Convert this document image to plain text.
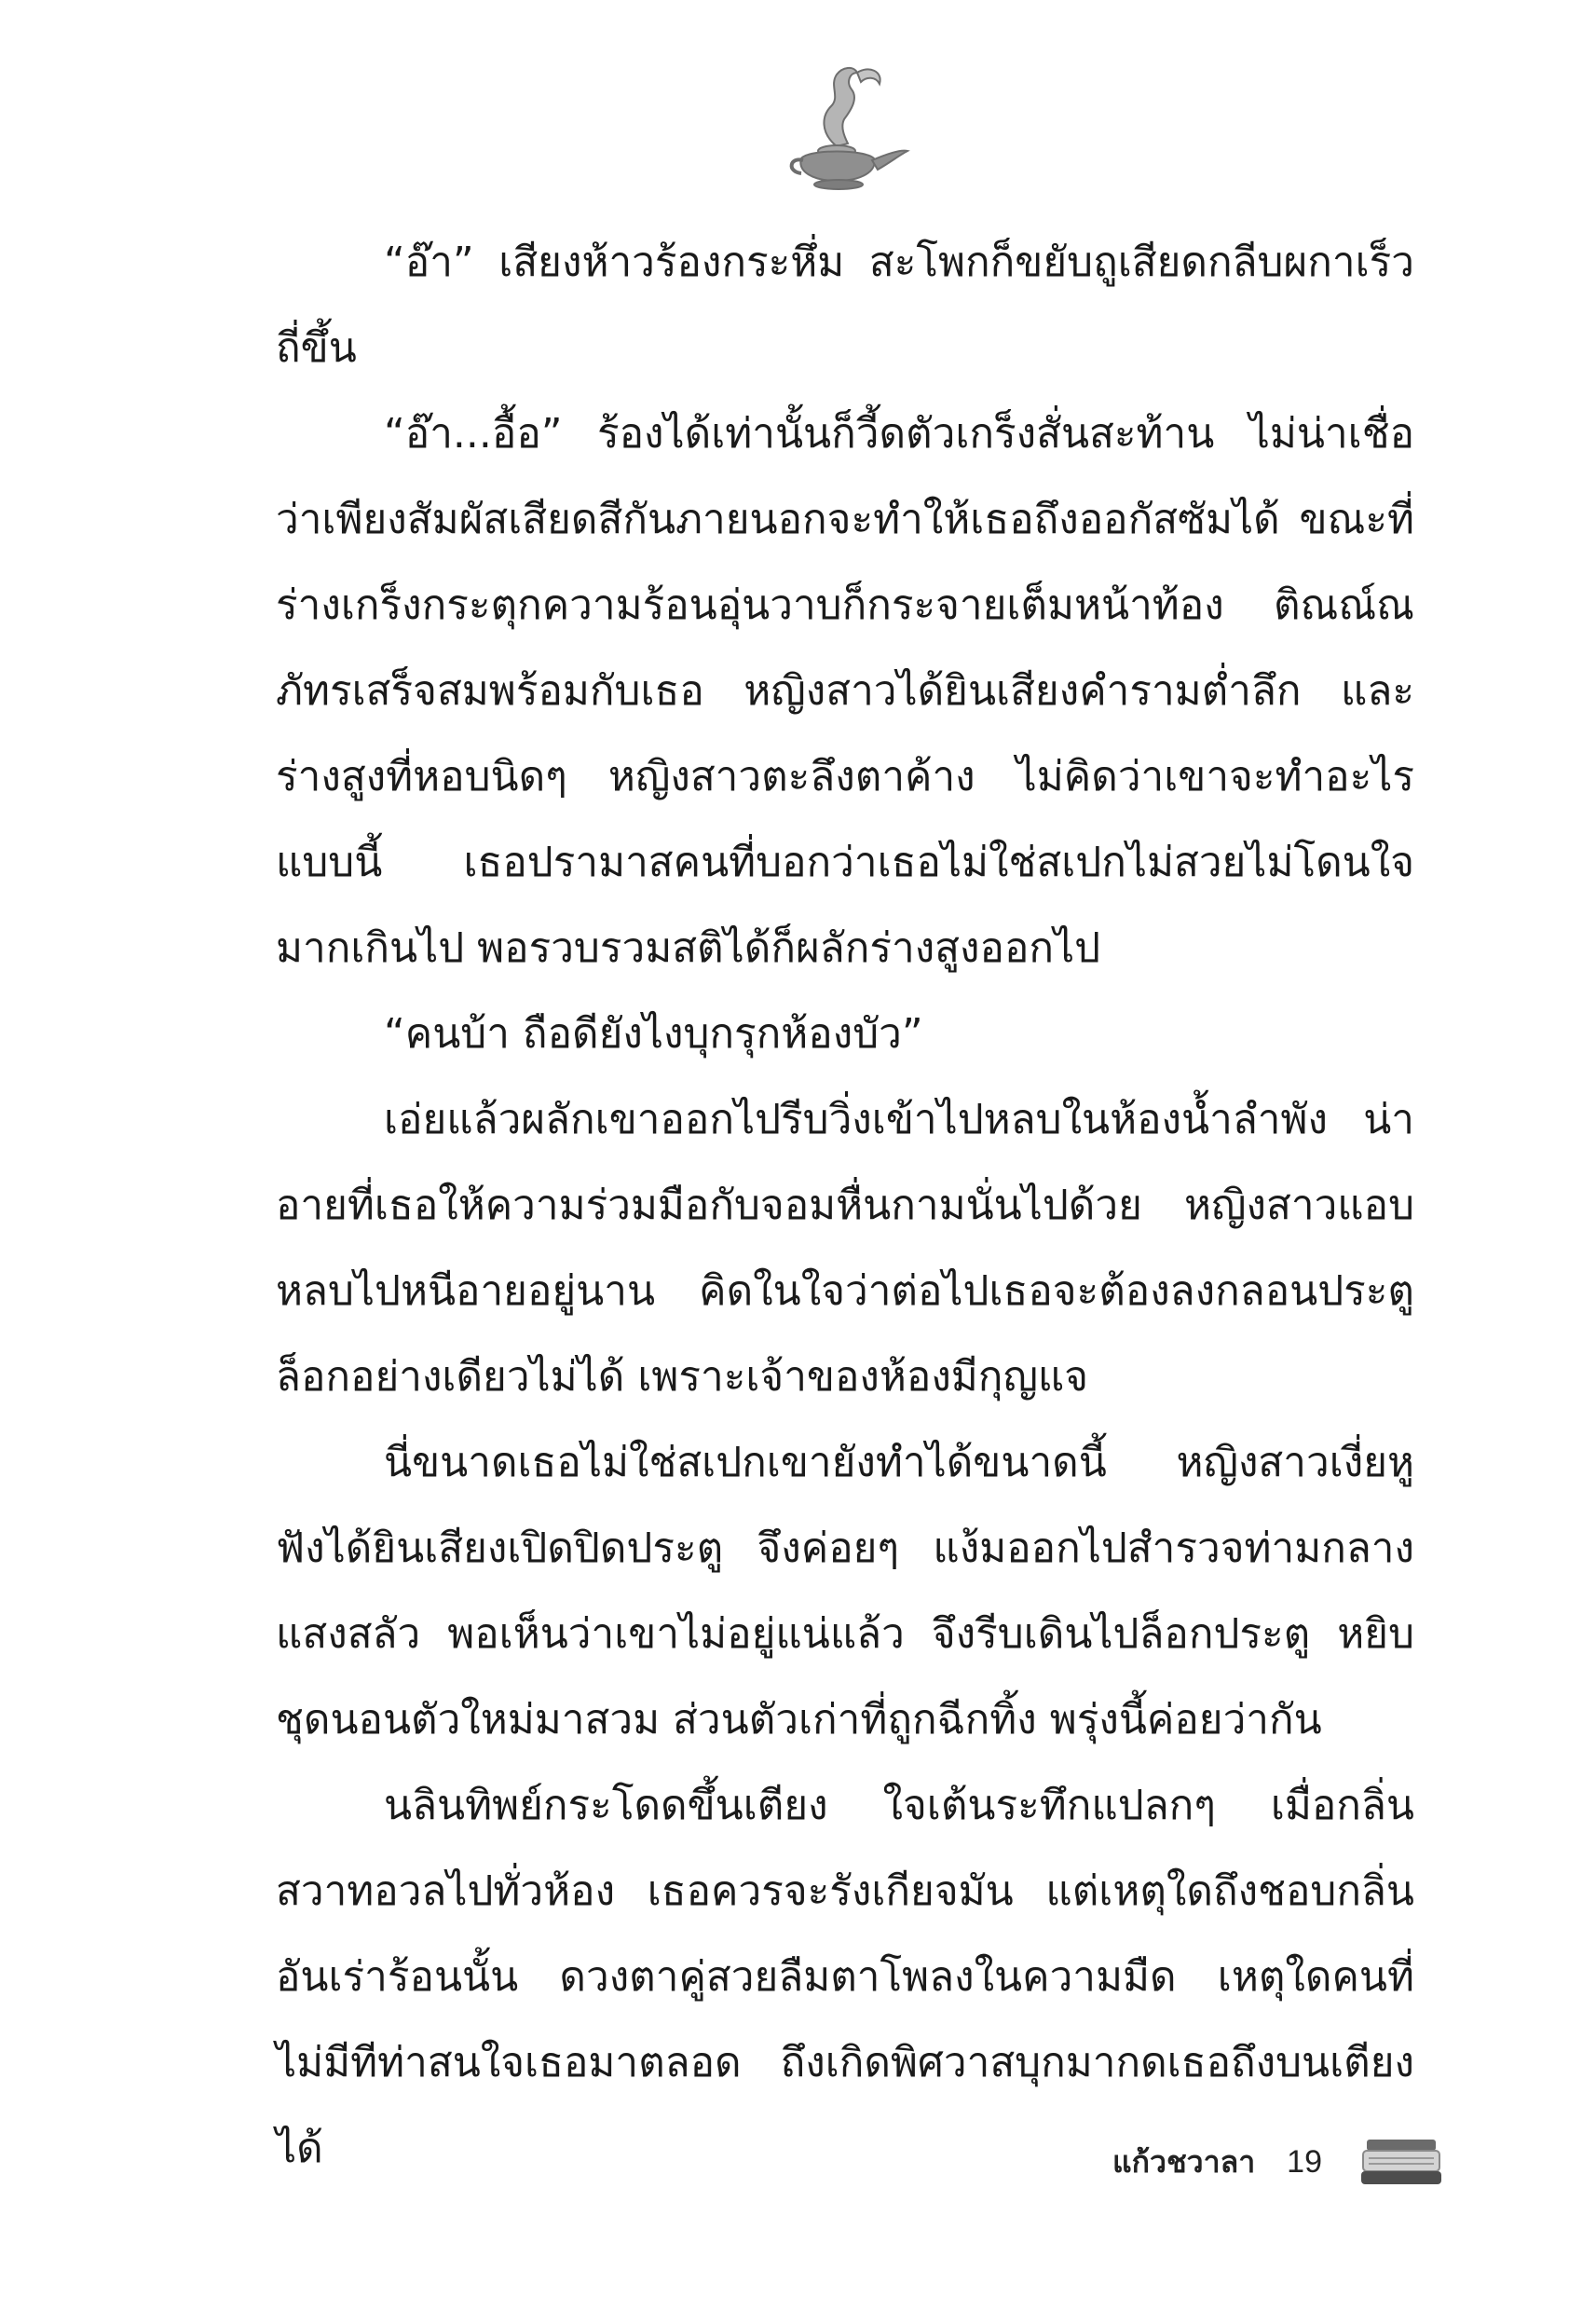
“อ๊า” เสียงห้าวร้องกระหึ่ม สะโพกก็ขยับถูเสียดกลีบผกาเร็วถี่ขึ้น

“อ๊า...อื้อ” ร้องได้เท่านั้นก็วี้ดตัวเกร็งสั่นสะท้าน ไม่น่าเชื่อว่าเพียงสัมผัสเสียดสีกันภายนอกจะทำให้เธอถึงออกัสซัมได้ ขณะที่ร่างเกร็งกระตุกความร้อนอุ่นวาบก็กระจายเต็มหน้าท้อง ติณณ์ณภัทรเสร็จสมพร้อมกับเธอ หญิงสาวได้ยินเสียงคำรามต่ำลึก และร่างสูงที่หอบนิดๆ หญิงสาวตะลึงตาค้าง ไม่คิดว่าเขาจะทำอะไรแบบนี้ เธอปรามาสคนที่บอกว่าเธอไม่ใช่สเปกไม่สวยไม่โดนใจมากเกินไป พอรวบรวมสติได้ก็ผลักร่างสูงออกไป

“คนบ้า ถือดียังไงบุกรุกห้องบัว”

เอ่ยแล้วผลักเขาออกไปรีบวิ่งเข้าไปหลบในห้องน้ำลำพัง น่าอายที่เธอให้ความร่วมมือกับจอมหื่นกามนั่นไปด้วย หญิงสาวแอบหลบไปหนีอายอยู่นาน คิดในใจว่าต่อไปเธอจะต้องลงกลอนประตู ล็อกอย่างเดียวไม่ได้ เพราะเจ้าของห้องมีกุญแจ

นี่ขนาดเธอไม่ใช่สเปกเขายังทำได้ขนาดนี้ หญิงสาวเงี่ยหูฟังได้ยินเสียงเปิดปิดประตู จึงค่อยๆ แง้มออกไปสำรวจท่ามกลางแสงสลัว พอเห็นว่าเขาไม่อยู่แน่แล้ว จึงรีบเดินไปล็อกประตู หยิบชุดนอนตัวใหม่มาสวม ส่วนตัวเก่าที่ถูกฉีกทิ้ง พรุ่งนี้ค่อยว่ากัน

นลินทิพย์กระโดดขึ้นเตียง ใจเต้นระทึกแปลกๆ เมื่อกลิ่นสวาทอวลไปทั่วห้อง เธอควรจะรังเกียจมัน แต่เหตุใดถึงชอบกลิ่นอันเร่าร้อนนั้น ดวงตาคู่สวยลืมตาโพลงในความมืด เหตุใดคนที่ไม่มีทีท่าสนใจเธอมาตลอด ถึงเกิดพิศวาสบุกมากดเธอถึงบนเตียงได้	แก้วชวาลา 19
